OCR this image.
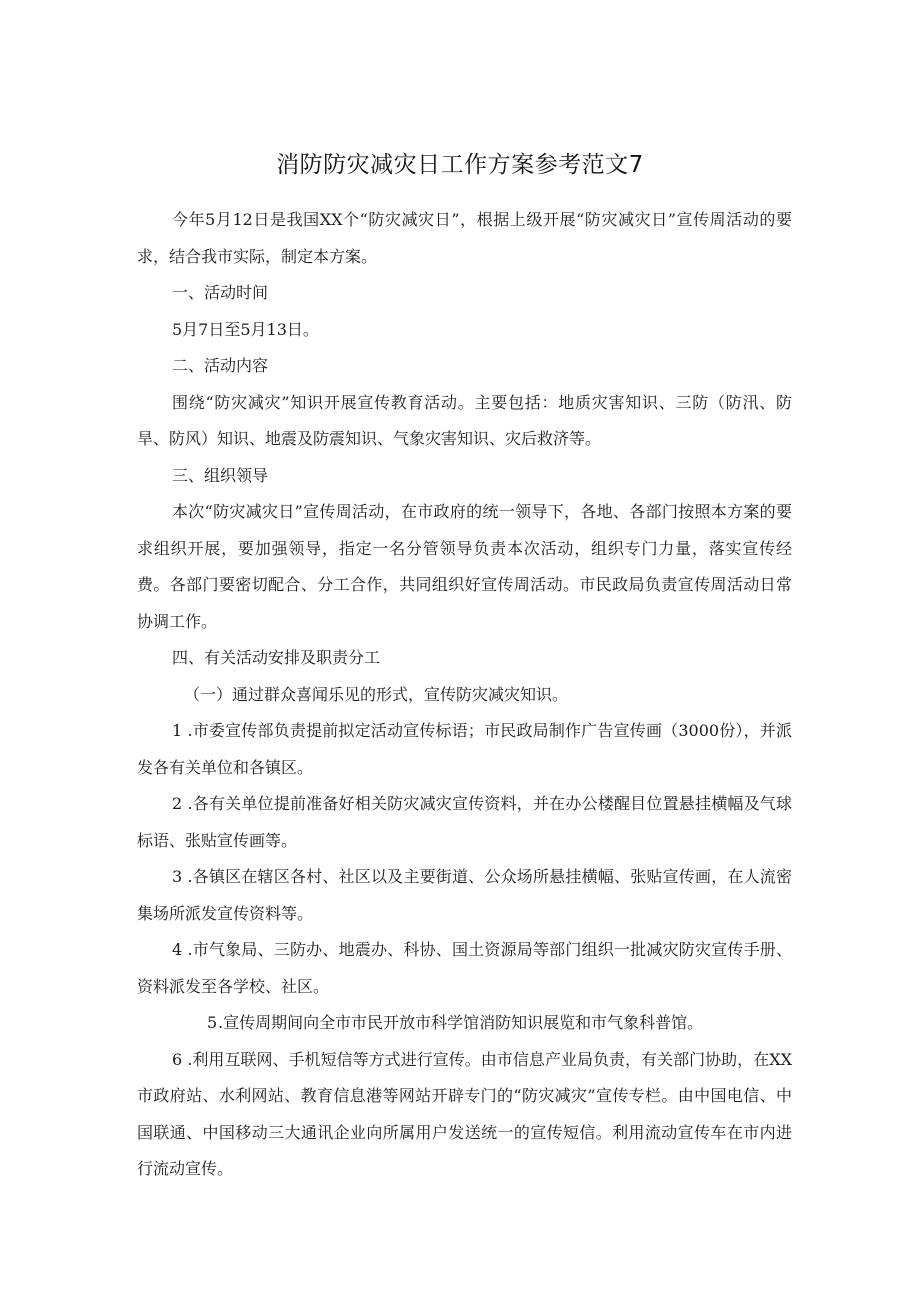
消防防灾减灾日工作方案参考范文7

今年5月12日是我国XX个“防灾减灾日”，根据上级开展“防灾减灾日”宣传周活动的要求，结合我市实际，制定本方案。

一、活动时间

5月7日至5月13日。

二、活动内容

围绕“防灾减灾”知识开展宣传教育活动。主要包括：地质灾害知识、三防（防汛、防旱、防风）知识、地震及防震知识、气象灾害知识、灾后救济等。

三、组织领导

本次“防灾减灾日”宣传周活动，在市政府的统一领导下，各地、各部门按照本方案的要求组织开展，要加强领导，指定一名分管领导负责本次活动，组织专门力量，落实宣传经费。各部门要密切配合、分工合作，共同组织好宣传周活动。市民政局负责宣传周活动日常协调工作。

四、有关活动安排及职责分工

（一）通过群众喜闻乐见的形式，宣传防灾减灾知识。

1 .市委宣传部负责提前拟定活动宣传标语；市民政局制作广告宣传画（3000份），并派发各有关单位和各镇区。

2 .各有关单位提前准备好相关防灾减灾宣传资料，并在办公楼醒目位置悬挂横幅及气球标语、张贴宣传画等。

3 .各镇区在辖区各村、社区以及主要街道、公众场所悬挂横幅、张贴宣传画，在人流密集场所派发宣传资料等。

4 .市气象局、三防办、地震办、科协、国土资源局等部门组织一批减灾防灾宣传手册、资料派发至各学校、社区。

5.宣传周期间向全市市民开放市科学馆消防知识展览和市气象科普馆。

6 .利用互联网、手机短信等方式进行宣传。由市信息产业局负责，有关部门协助，在XX市政府站、水利网站、教育信息港等网站开辟专门的“防灾减灾”宣传专栏。由中国电信、中国联通、中国移动三大通讯企业向所属用户发送统一的宣传短信。利用流动宣传车在市内进行流动宣传。
